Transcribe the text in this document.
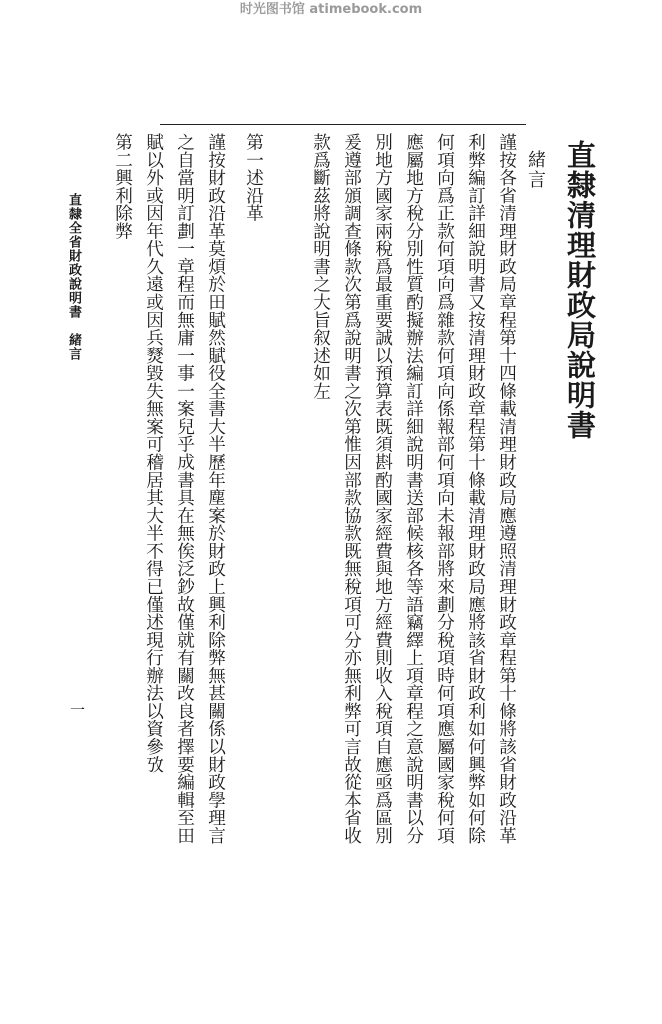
时光图书馆 atimebook.com
直隸清理財政局說明書
緒言
謹按各省清理財政局章程第十四條載清理財政局應遵照清理財政章程第十條將該省財政沿革
利弊編訂詳細說明書又按清理財政章程第十條載清理財政局應將該省財政利如何興弊如何除
何項向爲正款何項向爲雜款何項向係報部何項向未報部將來劃分稅項時何項應屬國家稅何項
應屬地方稅分別性質酌擬辦法編訂詳細說明書送部候核各等語竊繹上項章程之意說明書以分
別地方國家兩稅爲最重要誠以預算表既須斟酌國家經費與地方經費則收入稅項自應亟爲區別
爰遵部頒調查條款次第爲說明書之次第惟因部款協款既無稅項可分亦無利弊可言故從本省收
款爲斷茲將說明書之大旨叙述如左
第一述沿革
謹按財政沿革莫煩於田賦然賦役全書大半歷年塵案於財政上興利除弊無甚關係以財政學理言
之自當明訂劃一章程而無庸一事一案兒乎成書具在無俟泛鈔故僅就有關改良者擇要編輯至田
賦以外或因年代久遠或因兵燹毀失無案可稽居其大半不得已僅述現行辦法以資參攷
第二興利除弊
直隸全省財政說明書　緒言
一
